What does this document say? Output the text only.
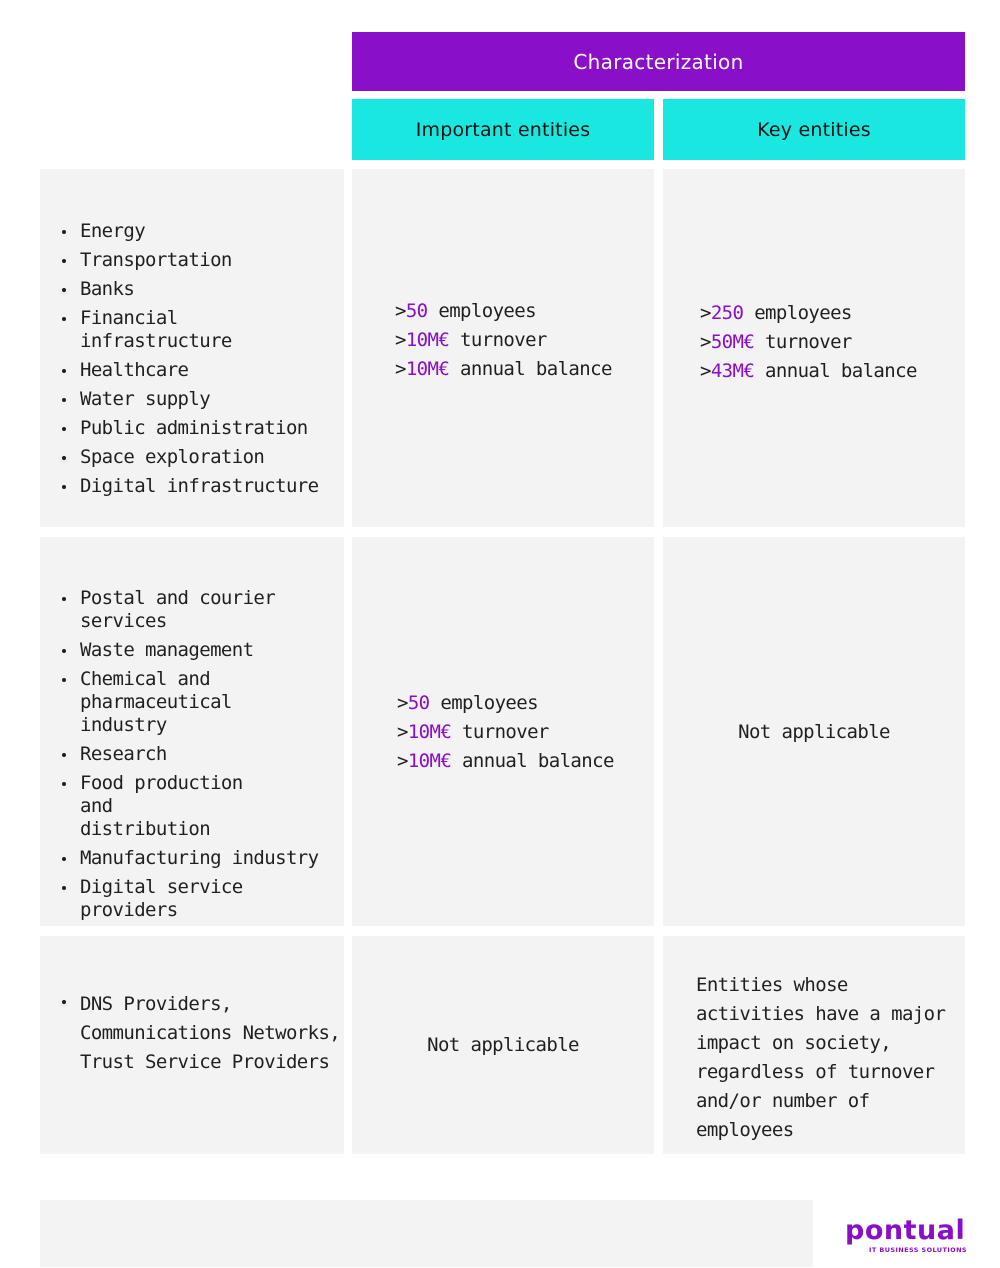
Characterization
Important entities	Key entities
Energy
Transportation
Banks
Financial infrastructure
Healthcare
Water supply
Public administration
Space exploration
Digital infrastructure
>50 employees
>10M€ turnover
>10M€ annual balance
>250 employees
>50M€ turnover
>43M€ annual balance
Not applicable
Postal and courier services
Waste management
Chemical and pharmaceutical industry
Research
Food production and distribution
Manufacturing industry
Digital service providers
>50 employees
>10M€ turnover
>10M€ annual balance
Not applicable
DNS Providers, Communications Networks, Trust Service Providers
Entities whose activities have a major impact on society, regardless of turnover and/or number of employees
pontual
IT BUSINESS SOLUTIONS
